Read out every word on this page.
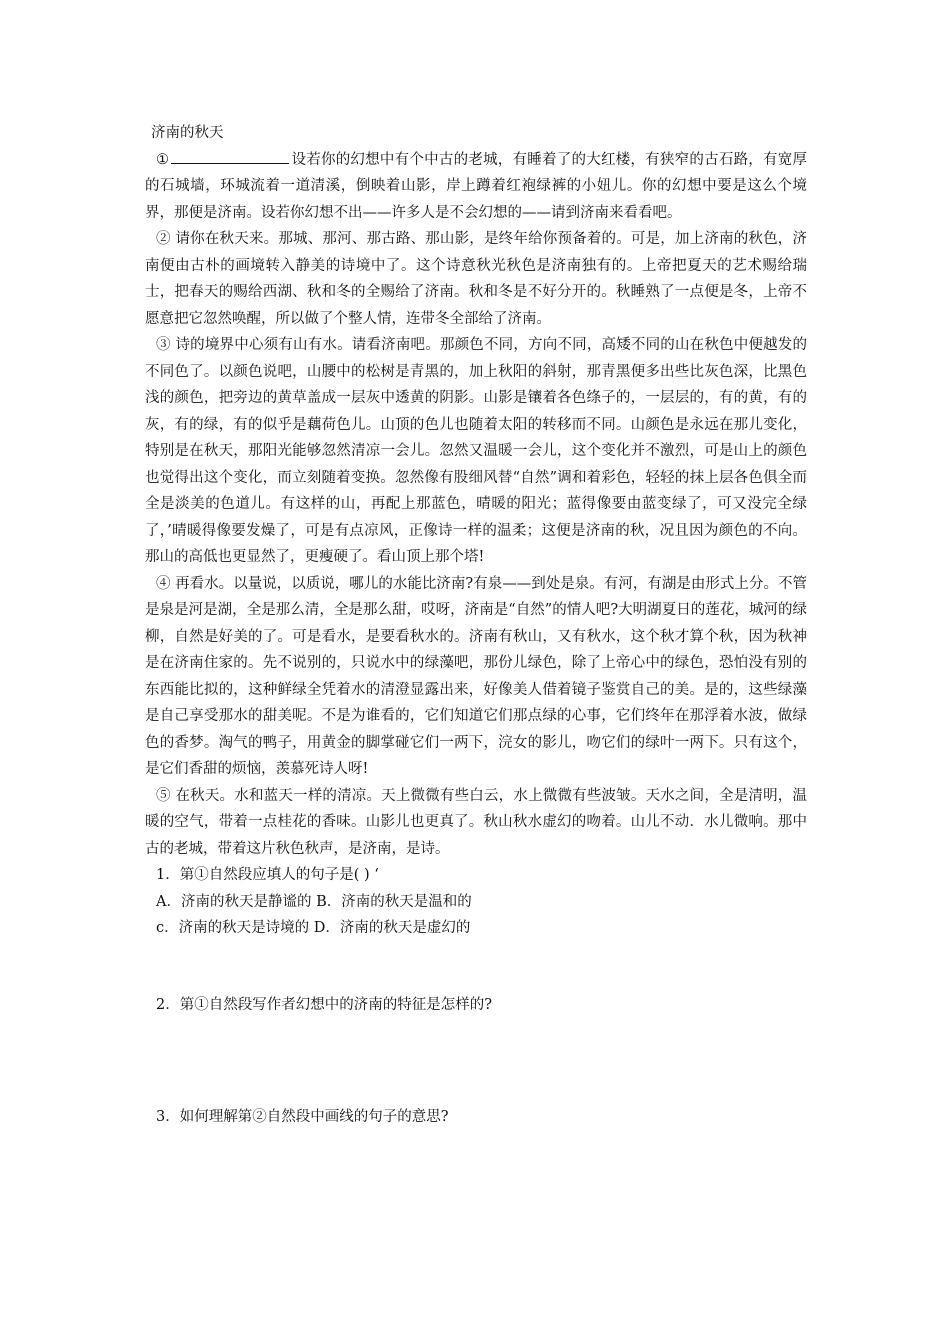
济南的秋天

①	设若你的幻想中有个中古的老城，有睡着了的大红楼，有狭窄的古石路，有宽厚的石城墙，环城流着一道清溪，倒映着山影，岸上蹲着红袍绿裤的小妞儿。你的幻想中要是这么个境界，那便是济南。设若你幻想不出——许多人是不会幻想的——请到济南来看看吧。

② 请你在秋天来。那城、那河、那古路、那山影，是终年给你预备着的。可是，加上济南的秋色，济南便由古朴的画境转入静美的诗境中了。这个诗意秋光秋色是济南独有的。上帝把夏天的艺术赐给瑞士，把春天的赐给西湖、秋和冬的全赐给了济南。秋和冬是不好分开的。秋睡熟了一点便是冬，上帝不愿意把它忽然唤醒，所以做了个整人情，连带冬全部给了济南。

③ 诗的境界中心须有山有水。请看济南吧。那颜色不同，方向不同，高矮不同的山在秋色中便越发的不同色了。以颜色说吧，山腰中的松树是青黑的，加上秋阳的斜射，那青黑便多出些比灰色深，比黑色浅的颜色，把旁边的黄草盖成一层灰中透黄的阴影。山影是镶着各色绦子的，一层层的，有的黄，有的灰，有的绿，有的似乎是藕荷色儿。山顶的色儿也随着太阳的转移而不同。山颜色是永远在那儿变化，特别是在秋天，那阳光能够忽然清凉一会儿。忽然又温暖一会儿，这个变化并不激烈，可是山上的颜色也觉得出这个变化，而立刻随着变换。忽然像有股细风替“自然”调和着彩色，轻轻的抹上层各色俱全而全是淡美的色道儿。有这样的山，再配上那蓝色，晴暖的阳光；蓝得像要由蓝变绿了，可又没完全绿了，’晴暖得像要发燥了，可是有点凉风，正像诗一样的温柔；这便是济南的秋，况且因为颜色的不向。那山的高低也更显然了，更瘦硬了。看山顶上那个塔!

④ 再看水。以量说，以质说，哪儿的水能比济南?有泉——到处是泉。有河，有湖是由形式上分。不管是泉是河是湖，全是那么清，全是那么甜，哎呀，济南是“自然”的情人吧?大明湖夏日的莲花，城河的绿柳，自然是好美的了。可是看水，是要看秋水的。济南有秋山，又有秋水，这个秋才算个秋，因为秋神是在济南住家的。先不说别的，只说水中的绿藻吧，那份儿绿色，除了上帝心中的绿色，恐怕没有别的东西能比拟的，这种鲜绿全凭着水的清澄显露出来，好像美人借着镜子鉴赏自己的美。是的，这些绿藻是自己享受那水的甜美呢。不是为谁看的，它们知道它们那点绿的心事，它们终年在那浮着水波，做绿色的香梦。淘气的鸭子，用黄金的脚掌碰它们一两下，浣女的影儿，吻它们的绿叶一两下。只有这个，是它们香甜的烦恼，羡慕死诗人呀!

⑤ 在秋天。水和蓝天一样的清凉。天上微微有些白云，水上微微有些波皱。天水之间，全是清明，温暖的空气，带着一点桂花的香味。山影儿也更真了。秋山秋水虚幻的吻着。山儿不动．水儿微响。那中古的老城，带着这片秋色秋声，是济南，是诗。

1．第①自然段应填人的句子是( ) ‘

A．济南的秋天是静谧的 B．济南的秋天是温和的

c．济南的秋天是诗境的 D．济南的秋天是虚幻的

2．第①自然段写作者幻想中的济南的特征是怎样的?

3．如何理解第②自然段中画线的句子的意思?
